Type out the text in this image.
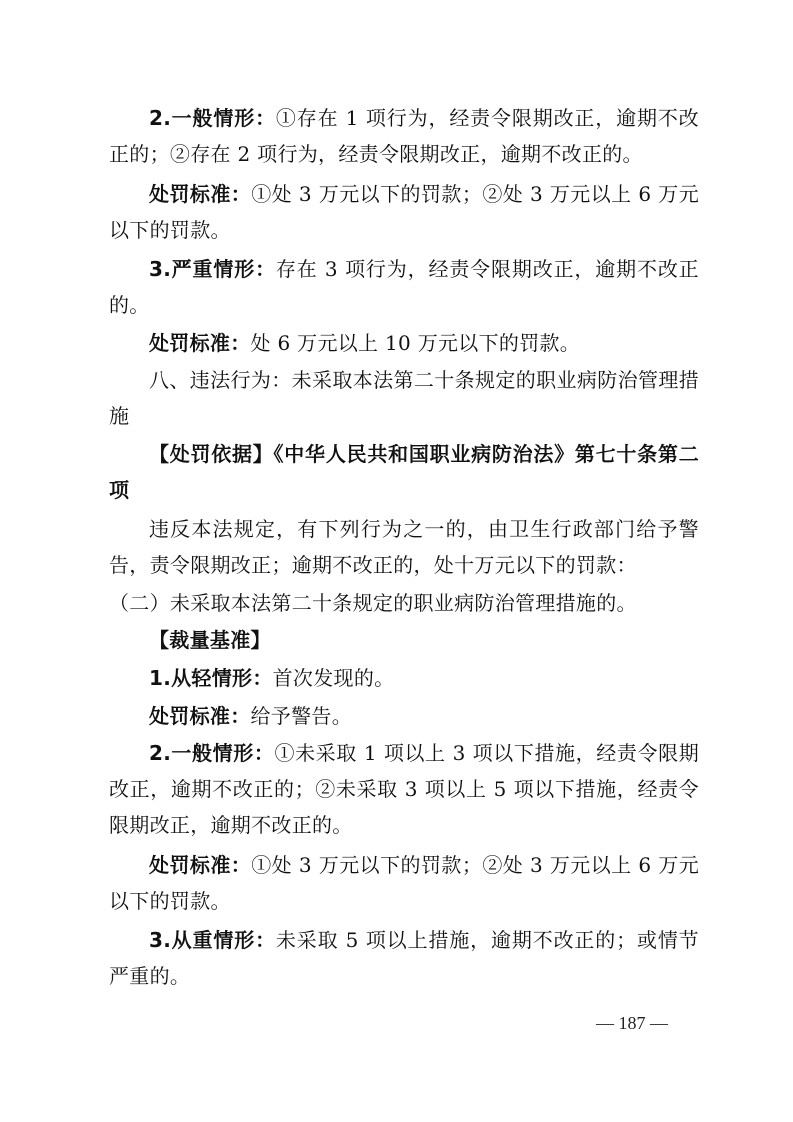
2.一般情形：①存在 1 项行为，经责令限期改正，逾期不改正的；②存在 2 项行为，经责令限期改正，逾期不改正的。

处罚标准：①处 3 万元以下的罚款；②处 3 万元以上 6 万元以下的罚款。

3.严重情形：存在 3 项行为，经责令限期改正，逾期不改正的。

处罚标准：处 6 万元以上 10 万元以下的罚款。

八、违法行为：未采取本法第二十条规定的职业病防治管理措施

【处罚依据】《中华人民共和国职业病防治法》第七十条第二项

违反本法规定，有下列行为之一的，由卫生行政部门给予警告，责令限期改正；逾期不改正的，处十万元以下的罚款：

（二）未采取本法第二十条规定的职业病防治管理措施的。

【裁量基准】

1.从轻情形：首次发现的。

处罚标准：给予警告。

2.一般情形：①未采取 1 项以上 3 项以下措施，经责令限期改正，逾期不改正的；②未采取 3 项以上 5 项以下措施，经责令限期改正，逾期不改正的。

处罚标准：①处 3 万元以下的罚款；②处 3 万元以上 6 万元以下的罚款。

3.从重情形：未采取 5 项以上措施，逾期不改正的；或情节严重的。

— 187 —
